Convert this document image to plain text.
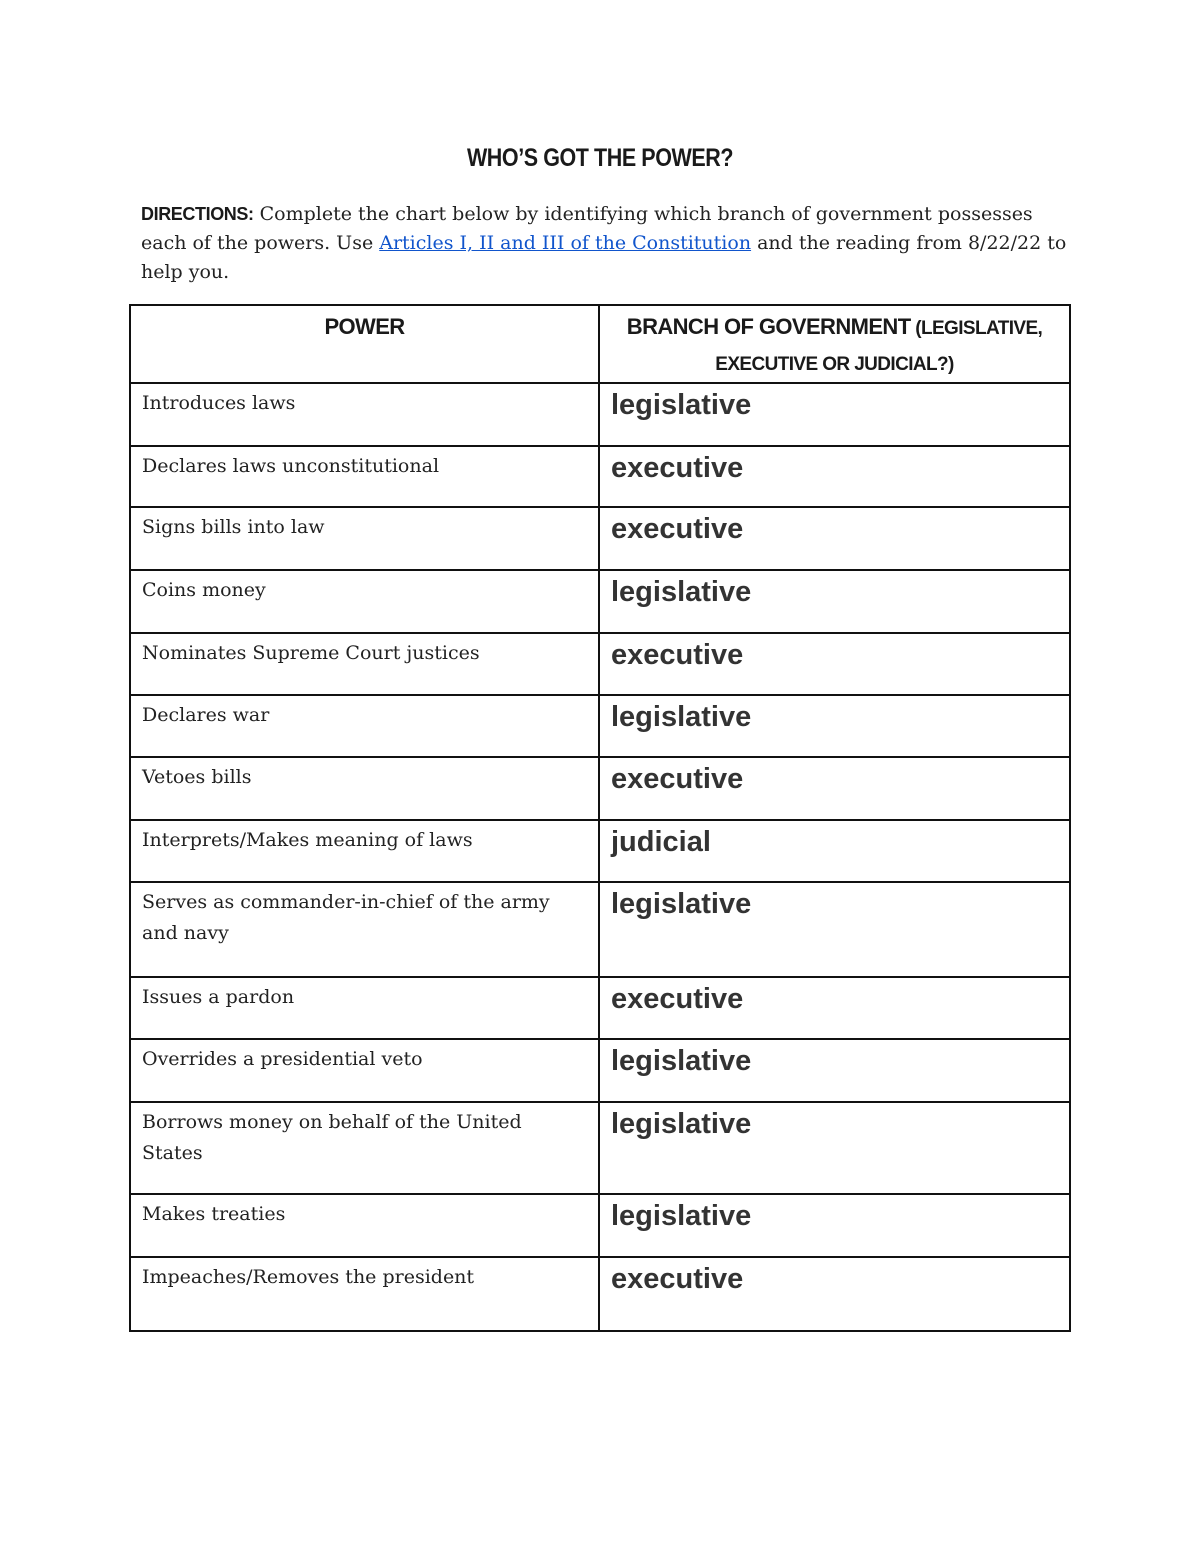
WHO’S GOT THE POWER?
DIRECTIONS: Complete the chart below by identifying which branch of government possesses each of the powers. Use Articles I, II and III of the Constitution and the reading from 8/22/22 to help you.
POWER	BRANCH OF GOVERNMENT (LEGISLATIVE, EXECUTIVE OR JUDICIAL?)

Introduces laws	legislative

Declares laws unconstitutional	executive

Signs bills into law	executive

Coins money	legislative

Nominates Supreme Court justices	executive

Declares war	legislative

Vetoes bills	executive

Interprets/Makes meaning of laws	judicial

Serves as commander-in-chief of the army and navy	legislative

Issues a pardon	executive

Overrides a presidential veto	legislative

Borrows money on behalf of the United States	legislative

Makes treaties	legislative

Impeaches/Removes the president	executive
